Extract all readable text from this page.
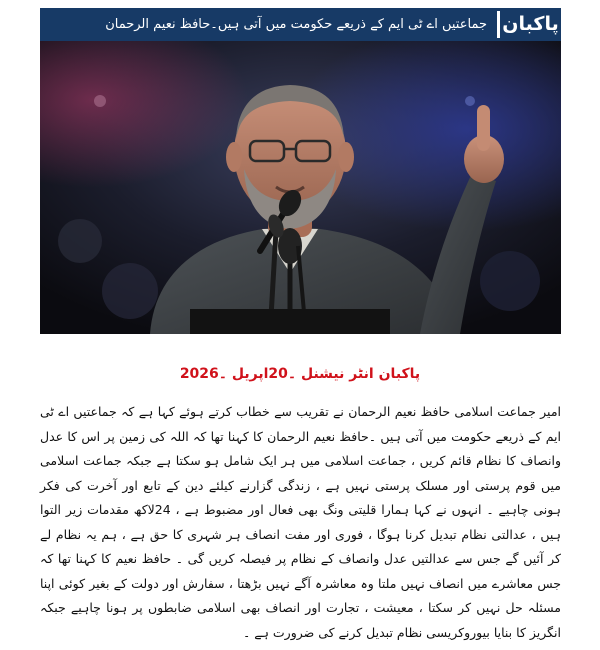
پاکبان
جماعتیں اے ٹی ایم کے ذریعے حکومت میں آتی ہیں۔حافظ نعیم الرحمان
پاکبان انٹر نیشنل ۔20اپریل ۔2026
امیر جماعت اسلامی حافظ نعیم الرحمان نے تقریب سے خطاب کرتے ہوئے کہا ہے کہ جماعتیں اے ٹی ایم کے ذریعے حکومت میں آتی ہیں ۔حافظ نعیم الرحمان کا کہنا تھا کہ اللہ کی زمین پر اس کا عدل وانصاف کا نظام قائم کریں ، جماعت اسلامی میں ہر ایک شامل ہو سکتا ہے جبکہ جماعت اسلامی میں قوم پرستی اور مسلک پرستی نہیں ہے ، زندگی گزارنے کیلئے دین کے تابع اور آخرت کی فکر ہونی چاہیے ۔ انہوں نے کہا ہمارا قلیتی ونگ بھی فعال اور مضبوط ہے ، 24لاکھ مقدمات زیر التوا ہیں ، عدالتی نظام تبدیل کرنا ہوگا ، فوری اور مفت انصاف ہر شہری کا حق ہے ، ہم یہ نظام لے کر آئیں گے جس سے عدالتیں عدل وانصاف کے نظام پر فیصلہ کریں گی ۔ حافظ نعیم کا کہنا تھا کہ جس معاشرے میں انصاف نہیں ملتا وہ معاشرہ آگے نہیں بڑھتا ، سفارش اور دولت کے بغیر کوئی اپنا مسئلہ حل نہیں کر سکتا ، معیشت ، تجارت اور انصاف بھی اسلامی ضابطوں پر ہونا چاہیے جبکہ انگریز کا بنایا بیوروکریسی نظام تبدیل کرنے کی ضرورت ہے ۔
